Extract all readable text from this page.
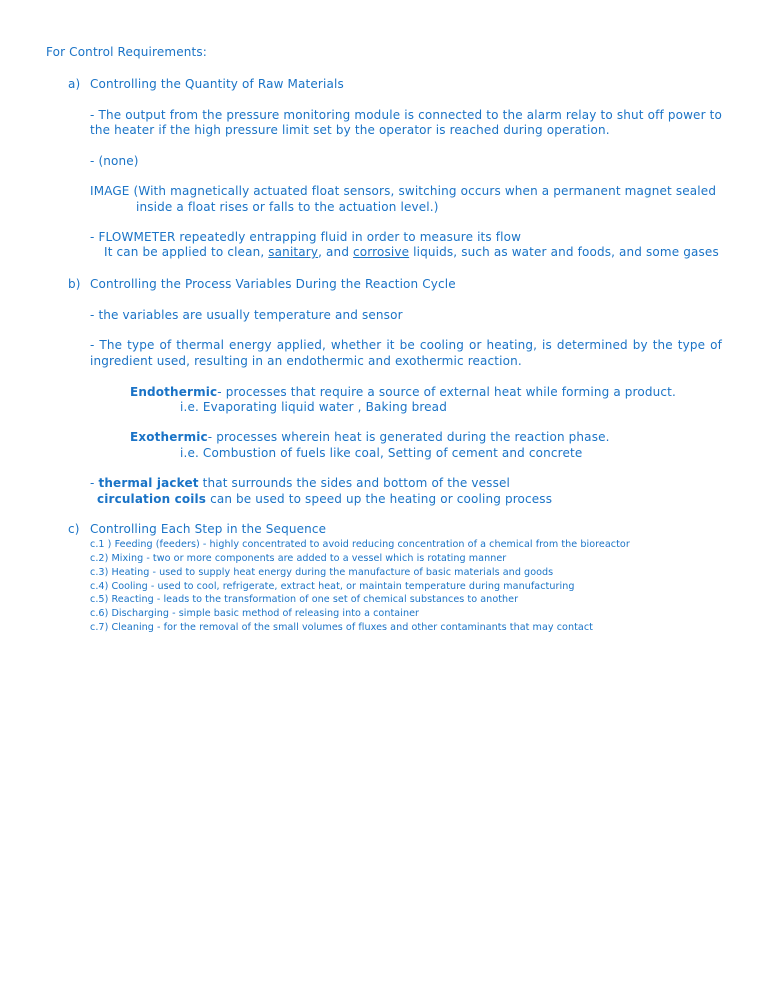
For Control Requirements:
a) Controlling the Quantity of Raw Materials
- The output from the pressure monitoring module is connected to the alarm relay to shut off power to
the heater if the high pressure limit set by the operator is reached during operation.
- (none)
IMAGE (With magnetically actuated float sensors, switching occurs when a permanent magnet sealed
inside a float rises or falls to the actuation level.)
- FLOWMETER repeatedly entrapping fluid in order to measure its flow
It can be applied to clean, sanitary, and corrosive liquids, such as water and foods, and some gases
b) Controlling the Process Variables During the Reaction Cycle
- the variables are usually temperature and sensor
- The type of thermal energy applied, whether it be cooling or heating, is determined by the type of
ingredient used, resulting in an endothermic and exothermic reaction.
Endothermic- processes that require a source of external heat while forming a product.
i.e. Evaporating liquid water , Baking bread
Exothermic- processes wherein heat is generated during the reaction phase.
i.e. Combustion of fuels like coal, Setting of cement and concrete
- thermal jacket that surrounds the sides and bottom of the vessel
circulation coils can be used to speed up the heating or cooling process
c) Controlling Each Step in the Sequence
c.1 ) Feeding (feeders) - highly concentrated to avoid reducing concentration of a chemical from the bioreactor
c.2) Mixing - two or more components are added to a vessel which is rotating manner
c.3) Heating - used to supply heat energy during the manufacture of basic materials and goods
c.4) Cooling - used to cool, refrigerate, extract heat, or maintain temperature during manufacturing
c.5) Reacting - leads to the transformation of one set of chemical substances to another
c.6) Discharging - simple basic method of releasing into a container
c.7) Cleaning - for the removal of the small volumes of fluxes and other contaminants that may contact
